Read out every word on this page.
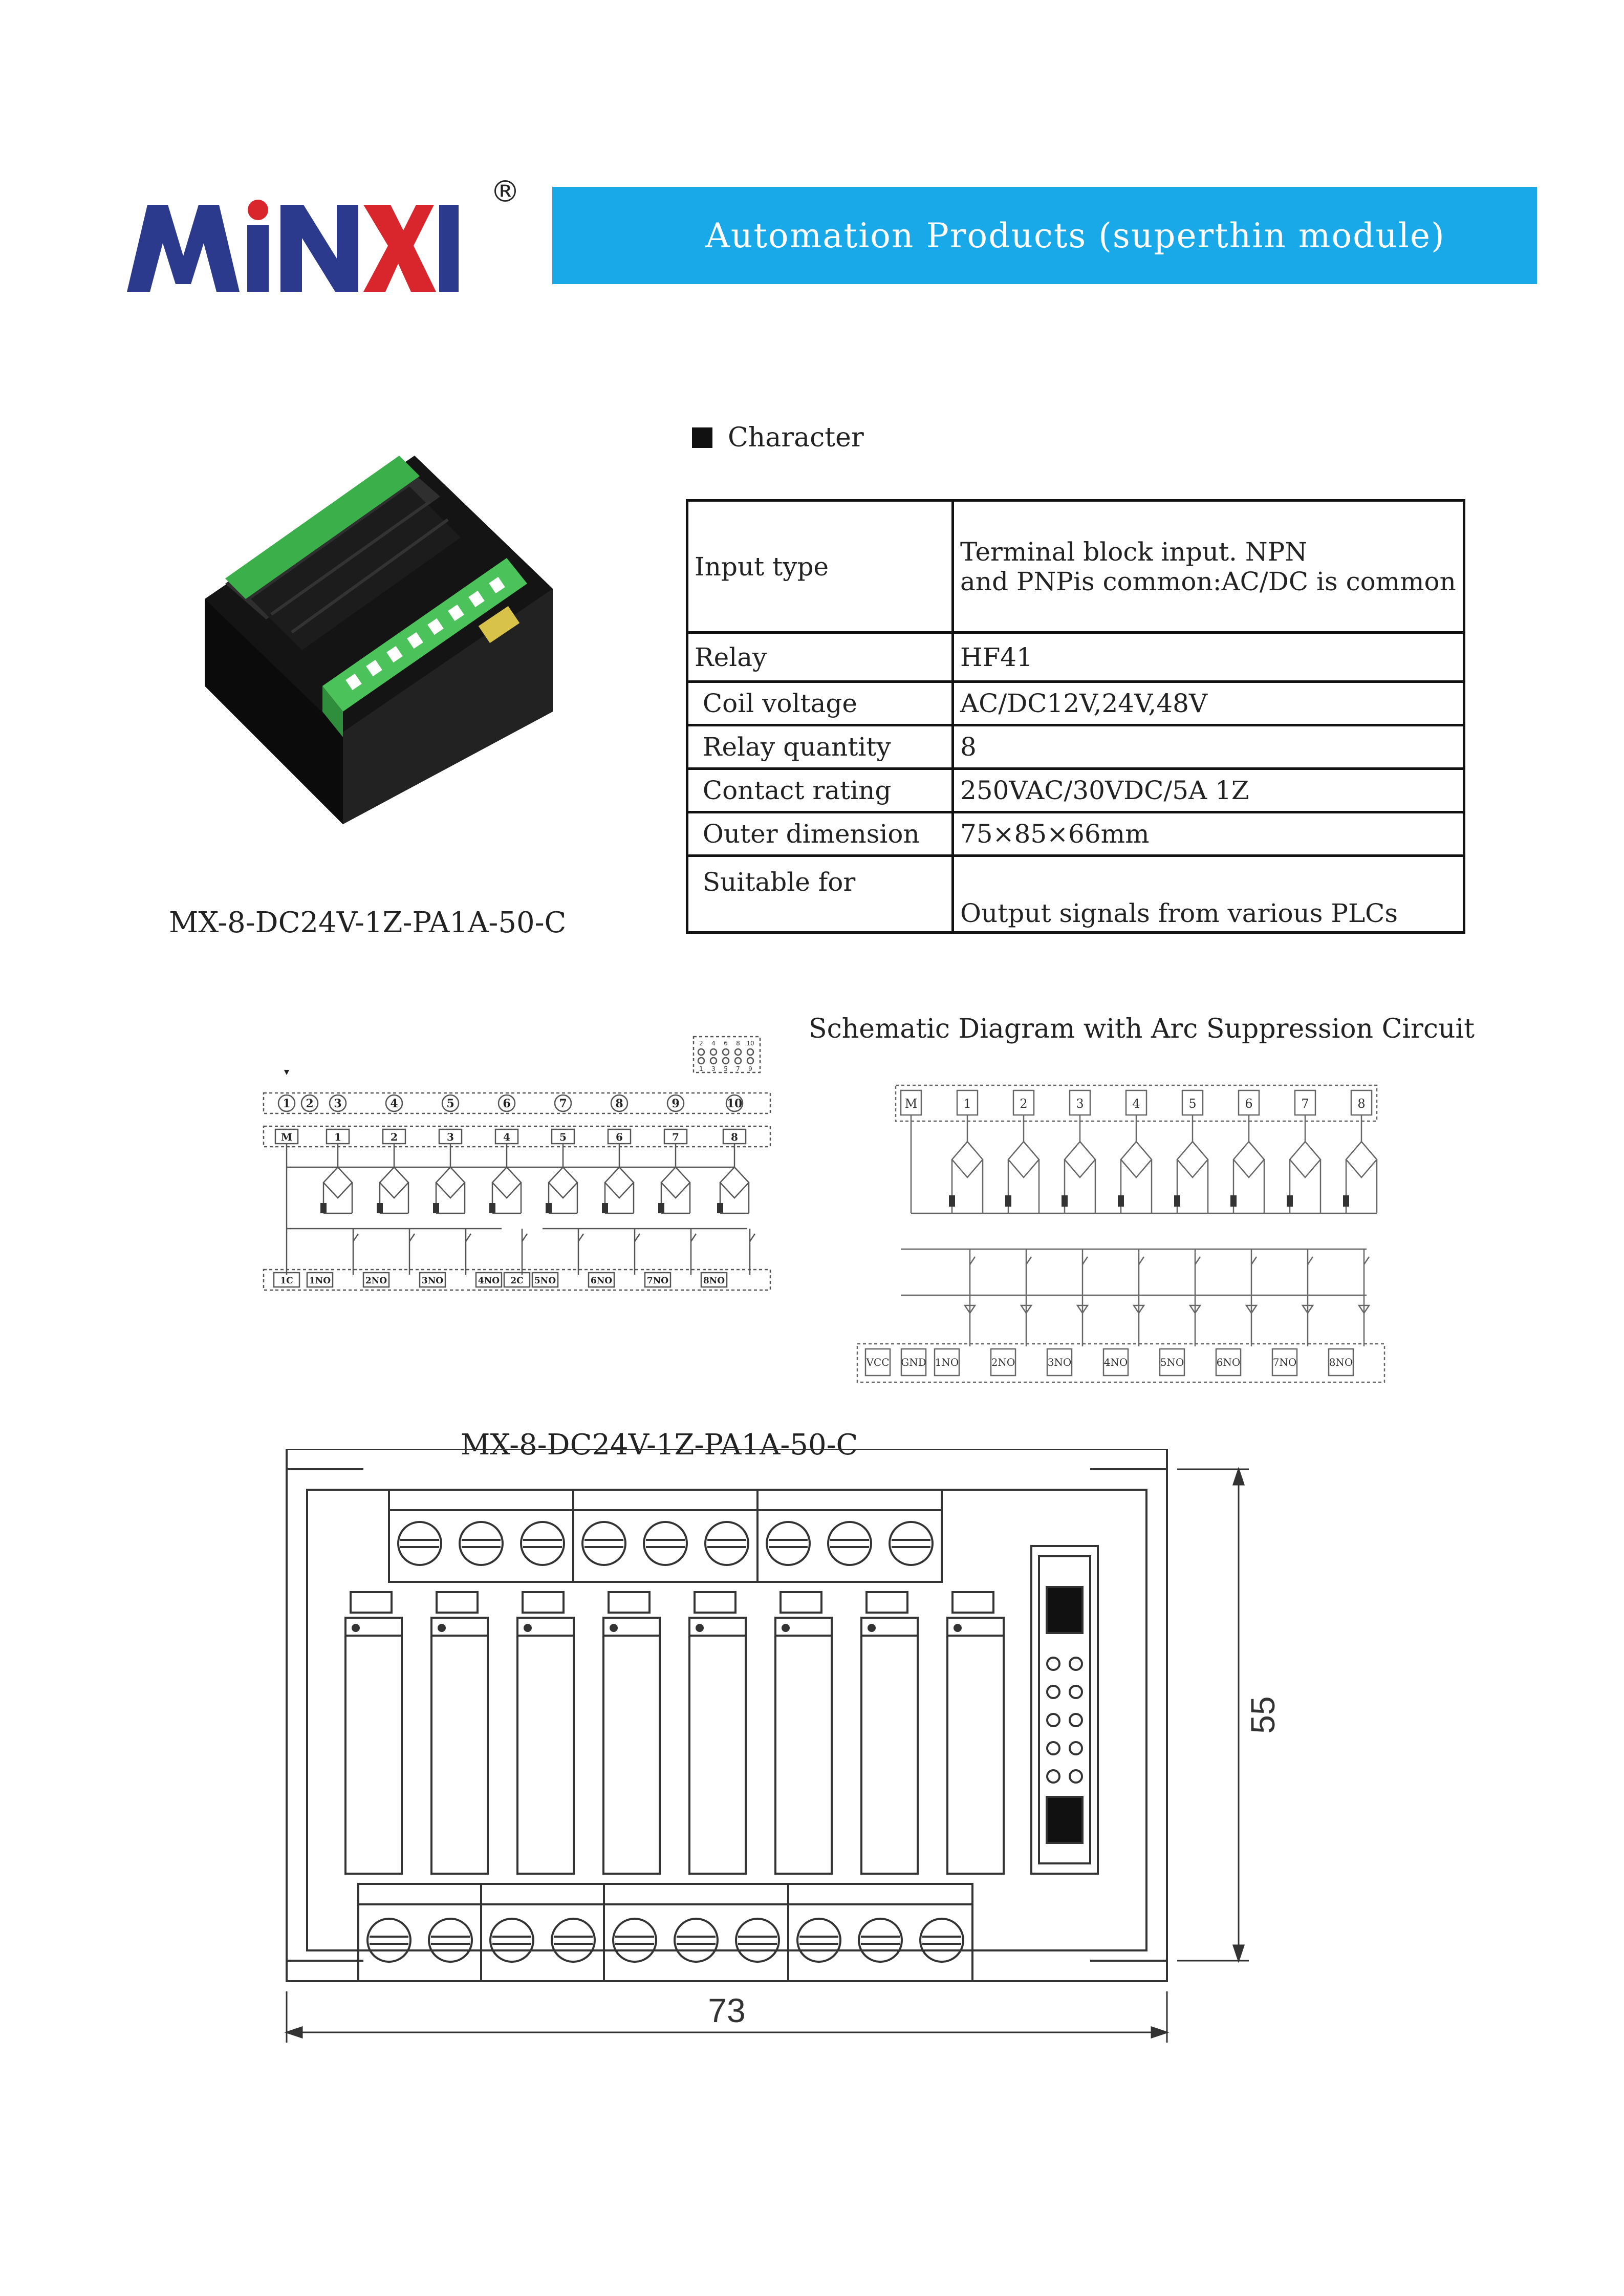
®
Automation Products (superthin module)
MX-8-DC24V-1Z-PA1A-50-C
Character
Input type	Terminal block input. NPN
and PNPis common:AC/DC is common

Relay	HF41
Coil voltage	AC/DC12V,24V,48V
Relay quantity	8
Contact rating	250VAC/30VDC/5A 1Z
Outer dimension	75×85×66mm
Suitable for	Output signals from various PLCs
Schematic Diagram with Arc Suppression Circuit
2
1
4
3
6
5
8
7
10
9
1 2 3	4	5	6	7	8	9	10
M	1	2	3	4	5	6	7	8
1C 1NO	2NO	3NO	4NO 2C 5NO	6NO	7NO	8NO
M	1	2	3	4	5	6	7	8
VCC GND 1NO	2NO	3NO	4NO	5NO	6NO	7NO	8NO
MX-8-DC24V-1Z-PA1A-50-C
73
55
